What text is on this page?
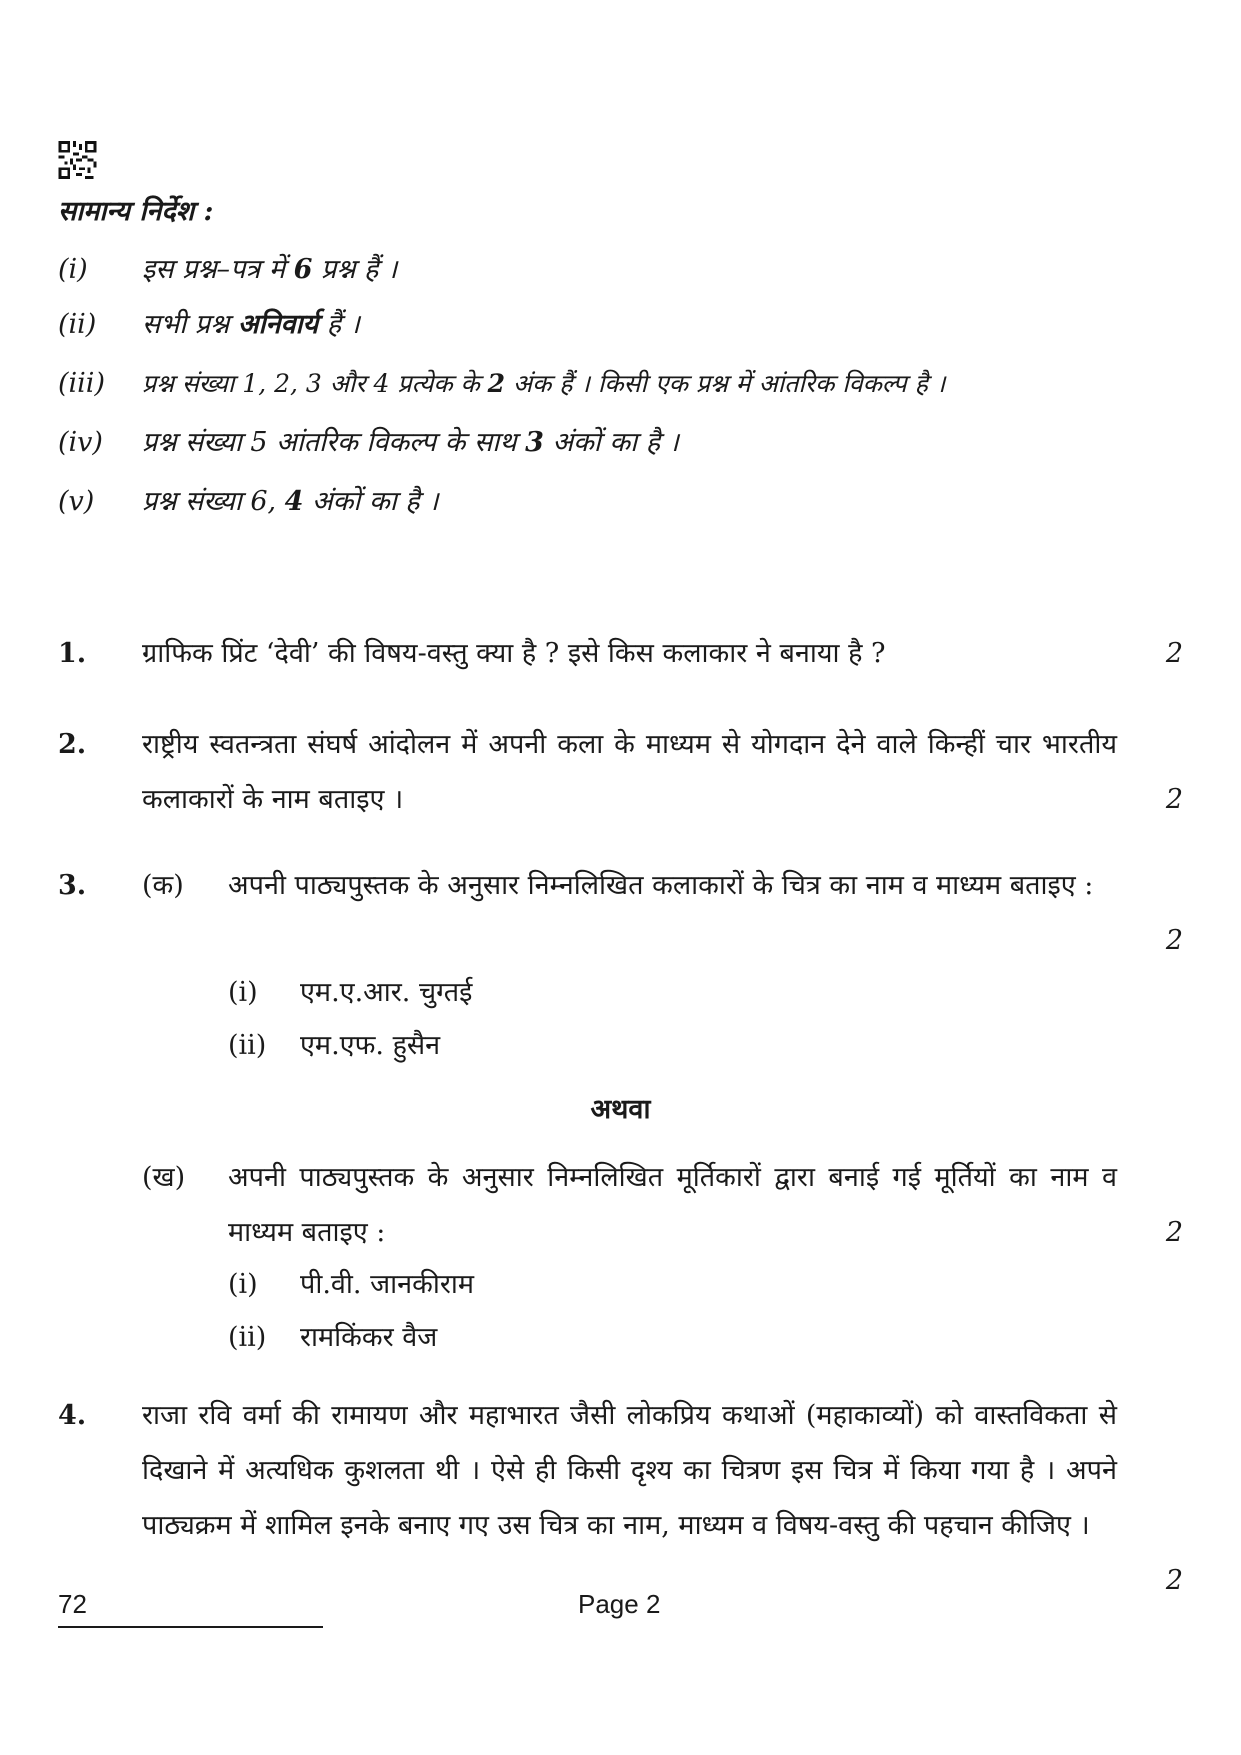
सामान्य निर्देश :
(i) इस प्रश्न–पत्र में 6 प्रश्न हैं ।
(ii) सभी प्रश्न अनिवार्य हैं ।
(iii) प्रश्न संख्या 1, 2, 3 और 4 प्रत्येक के 2 अंक हैं । किसी एक प्रश्न में आंतरिक विकल्प है ।
(iv) प्रश्न संख्या 5 आंतरिक विकल्प के साथ 3 अंकों का है ।
(v) प्रश्न संख्या 6, 4 अंकों का है ।
1. ग्राफिक प्रिंट ‘देवी’ की विषय-वस्तु क्या है ? इसे किस कलाकार ने बनाया है ?	2
2. राष्ट्रीय स्वतन्त्रता संघर्ष आंदोलन में अपनी कला के माध्यम से योगदान देने वाले किन्हीं चार भारतीय कलाकारों के नाम बताइए ।	2
3. (क) अपनी पाठ्यपुस्तक के अनुसार निम्नलिखित कलाकारों के चित्र का नाम व माध्यम बताइए :
2
(i) एम.ए.आर. चुग्तई
(ii) एम.एफ. हुसैन
अथवा
(ख) अपनी पाठ्यपुस्तक के अनुसार निम्नलिखित मूर्तिकारों द्वारा बनाई गई मूर्तियों का नाम व माध्यम बताइए :	2
(i) पी.वी. जानकीराम
(ii) रामकिंकर वैज
4. राजा रवि वर्मा की रामायण और महाभारत जैसी लोकप्रिय कथाओं (महाकाव्यों) को वास्तविकता से दिखाने में अत्यधिक कुशलता थी । ऐसे ही किसी दृश्य का चित्रण इस चित्र में किया गया है । अपने पाठ्यक्रम में शामिल इनके बनाए गए उस चित्र का नाम, माध्यम व विषय-वस्तु की पहचान कीजिए ।
2
72	Page 2
